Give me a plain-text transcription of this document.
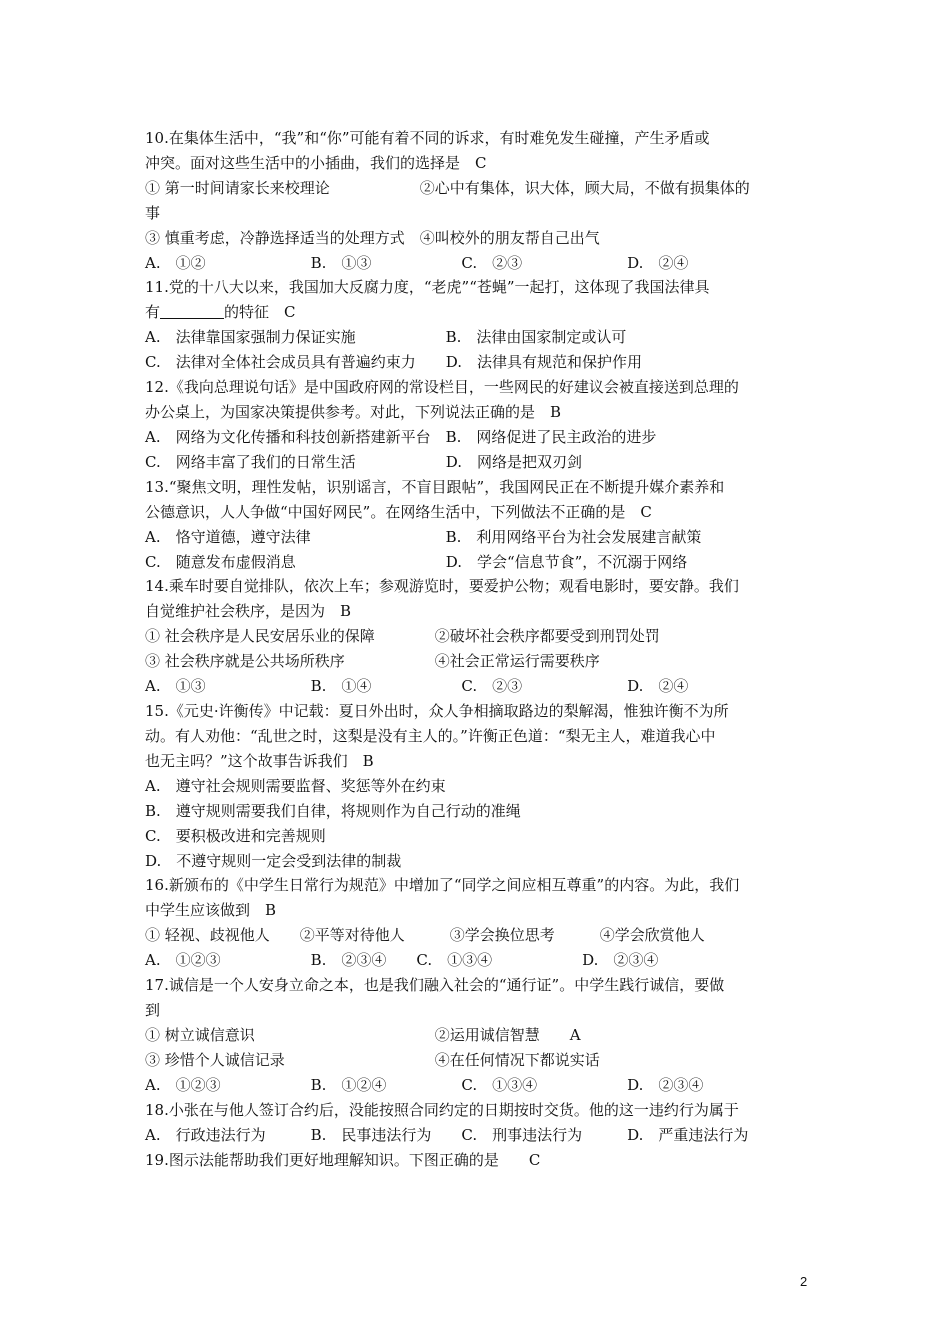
10.在集体生活中，“我”和“你”可能有着不同的诉求，有时难免发生碰撞，产生矛盾或
冲突。面对这些生活中的小插曲，我们的选择是　C
① 第一时间请家长来校理论　　　　　　②心中有集体，识大体，顾大局，不做有损集体的
事
③ 慎重考虑，冷静选择适当的处理方式　④叫校外的朋友帮自己出气
A.　①②　　　　　　　B.　①③　　　　　　C.　②③　　　　　　　D.　②④
11.党的十八大以来，我国加大反腐力度，“老虎”“苍蝇”一起打，这体现了我国法律具
有	的特征　C
A.　法律靠国家强制力保证实施　　　　　　B.　法律由国家制定或认可
C.　法律对全体社会成员具有普遍约束力　　D.　法律具有规范和保护作用
12.《我向总理说句话》是中国政府网的常设栏目，一些网民的好建议会被直接送到总理的
办公桌上，为国家决策提供参考。对此，下列说法正确的是　B
A.　网络为文化传播和科技创新搭建新平台　B.　网络促进了民主政治的进步
C.　网络丰富了我们的日常生活　　　　　　D.　网络是把双刃剑
13.“聚焦文明，理性发帖，识别谣言，不盲目跟帖”，我国网民正在不断提升媒介素养和
公德意识，人人争做“中国好网民”。在网络生活中，下列做法不正确的是　C
A.　恪守道德，遵守法律　　　　　　　　　B.　利用网络平台为社会发展建言献策
C.　随意发布虚假消息　　　　　　　　　　D.　学会“信息节食”，不沉溺于网络
14.乘车时要自觉排队，依次上车；参观游览时，要爱护公物；观看电影时，要安静。我们
自觉维护社会秩序，是因为　B
① 社会秩序是人民安居乐业的保障　　　　②破坏社会秩序都要受到刑罚处罚
③ 社会秩序就是公共场所秩序　　　　　　④社会正常运行需要秩序
A.　①③　　　　　　　B.　①④　　　　　　C.　②③　　　　　　　D.　②④
15.《元史·许衡传》中记载：夏日外出时，众人争相摘取路边的梨解渴，惟独许衡不为所
动。有人劝他：“乱世之时，这梨是没有主人的。”许衡正色道：“梨无主人，难道我心中
也无主吗？”这个故事告诉我们　B
A.　遵守社会规则需要监督、奖惩等外在约束
B.　遵守规则需要我们自律，将规则作为自己行动的准绳
C.　要积极改进和完善规则
D.　不遵守规则一定会受到法律的制裁
16.新颁布的《中学生日常行为规范》中增加了“同学之间应相互尊重”的内容。为此，我们
中学生应该做到　B
① 轻视、歧视他人　　②平等对待他人　　　③学会换位思考　　　④学会欣赏他人
A.　①②③　　　　　　B.　②③④　　C.　①③④　　　　　　D.　②③④
17.诚信是一个人安身立命之本，也是我们融入社会的“通行证”。中学生践行诚信，要做
到
① 树立诚信意识　　　　　　　　　　　　②运用诚信智慧　　A
③ 珍惜个人诚信记录　　　　　　　　　　④在任何情况下都说实话
A.　①②③　　　　　　B.　①②④　　　　　C.　①③④　　　　　　D.　②③④
18.小张在与他人签订合约后，没能按照合同约定的日期按时交货。他的这一违约行为属于
A.　行政违法行为　　　B.　民事违法行为　　C.　刑事违法行为　　　D.　严重违法行为
19.图示法能帮助我们更好地理解知识。下图正确的是　　C
2
